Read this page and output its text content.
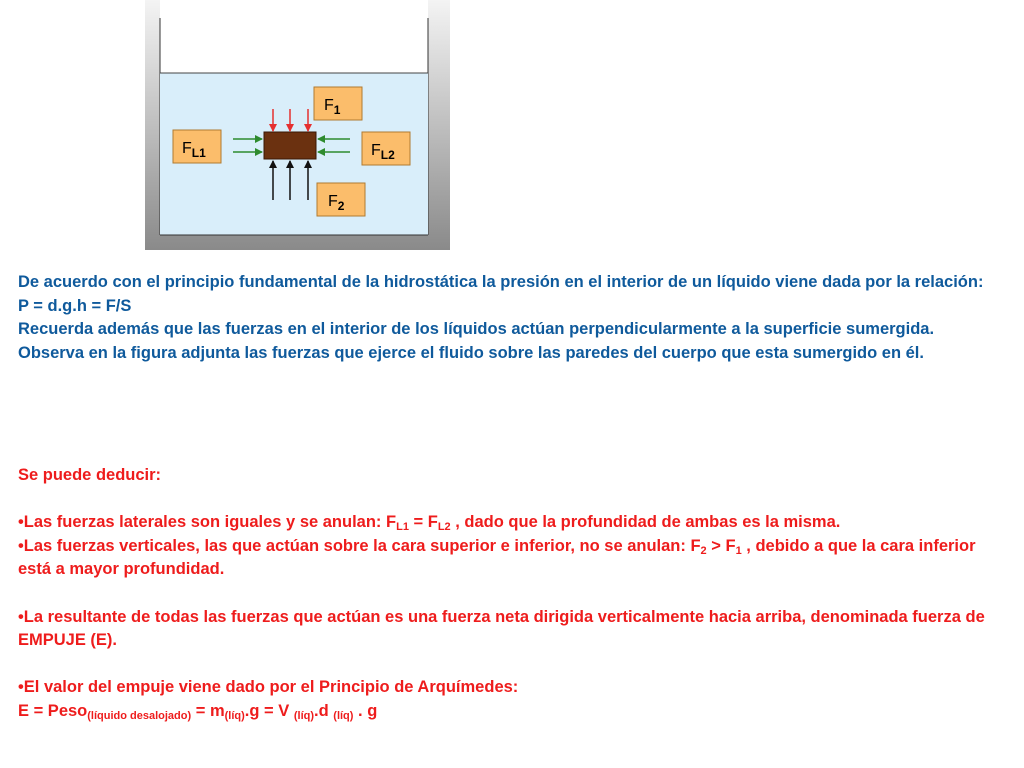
$F_1$
$F_{L1}$	$F_{L2}$
$F_2$

De acuerdo con el principio fundamental de la hidrostática la presión en el interior de un líquido viene dada por la relación:

P = d.g.h = F/S

Recuerda además que las fuerzas en el interior de los líquidos actúan perpendicularmente a la superficie sumergida.

Observa en la figura adjunta las fuerzas que ejerce el fluido sobre las paredes del cuerpo que esta sumergido en él.

Se puede deducir:

•Las fuerzas laterales son iguales y se anulan: $F_{L1} = F_{L2}$ , dado que la profundidad de ambas es la misma.

•Las fuerzas verticales, las que actúan sobre la cara superior e inferior, no se anulan: $F_2 > F_1$ , debido a que la cara inferior está a mayor profundidad.

•La resultante de todas las fuerzas que actúan es una fuerza neta dirigida verticalmente hacia arriba, denominada fuerza de EMPUJE (E).

•El valor del empuje viene dado por el Principio de Arquímedes:

E = Peso$_{(líquido desalojado)}$ = $m_{(líq)}.g = V$ $_{(líq)}$.d $_{(líq)}$ . g
